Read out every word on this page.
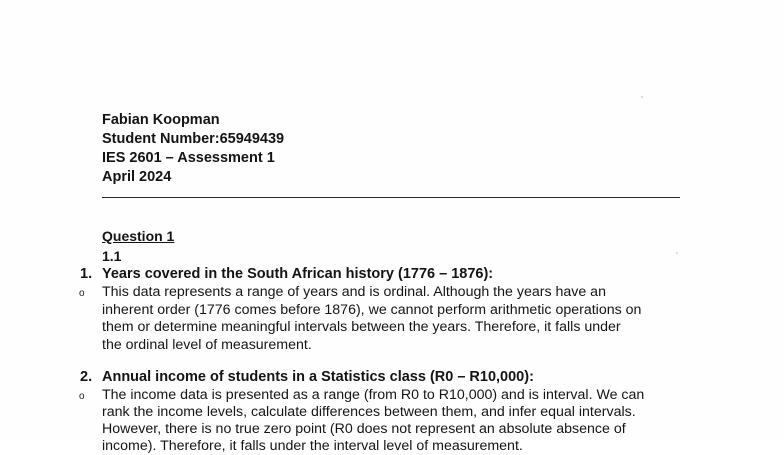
Fabian Koopman
Student Number:65949439
IES 2601 – Assessment 1
April 2024
Question 1
1.1
1. Years covered in the South African history (1776 – 1876):
o This data represents a range of years and is ordinal. Although the years have an
inherent order (1776 comes before 1876), we cannot perform arithmetic operations on
them or determine meaningful intervals between the years. Therefore, it falls under
the ordinal level of measurement.
2. Annual income of students in a Statistics class (R0 – R10,000):
o The income data is presented as a range (from R0 to R10,000) and is interval. We can
rank the income levels, calculate differences between them, and infer equal intervals.
However, there is no true zero point (R0 does not represent an absolute absence of
income). Therefore, it falls under the interval level of measurement.
